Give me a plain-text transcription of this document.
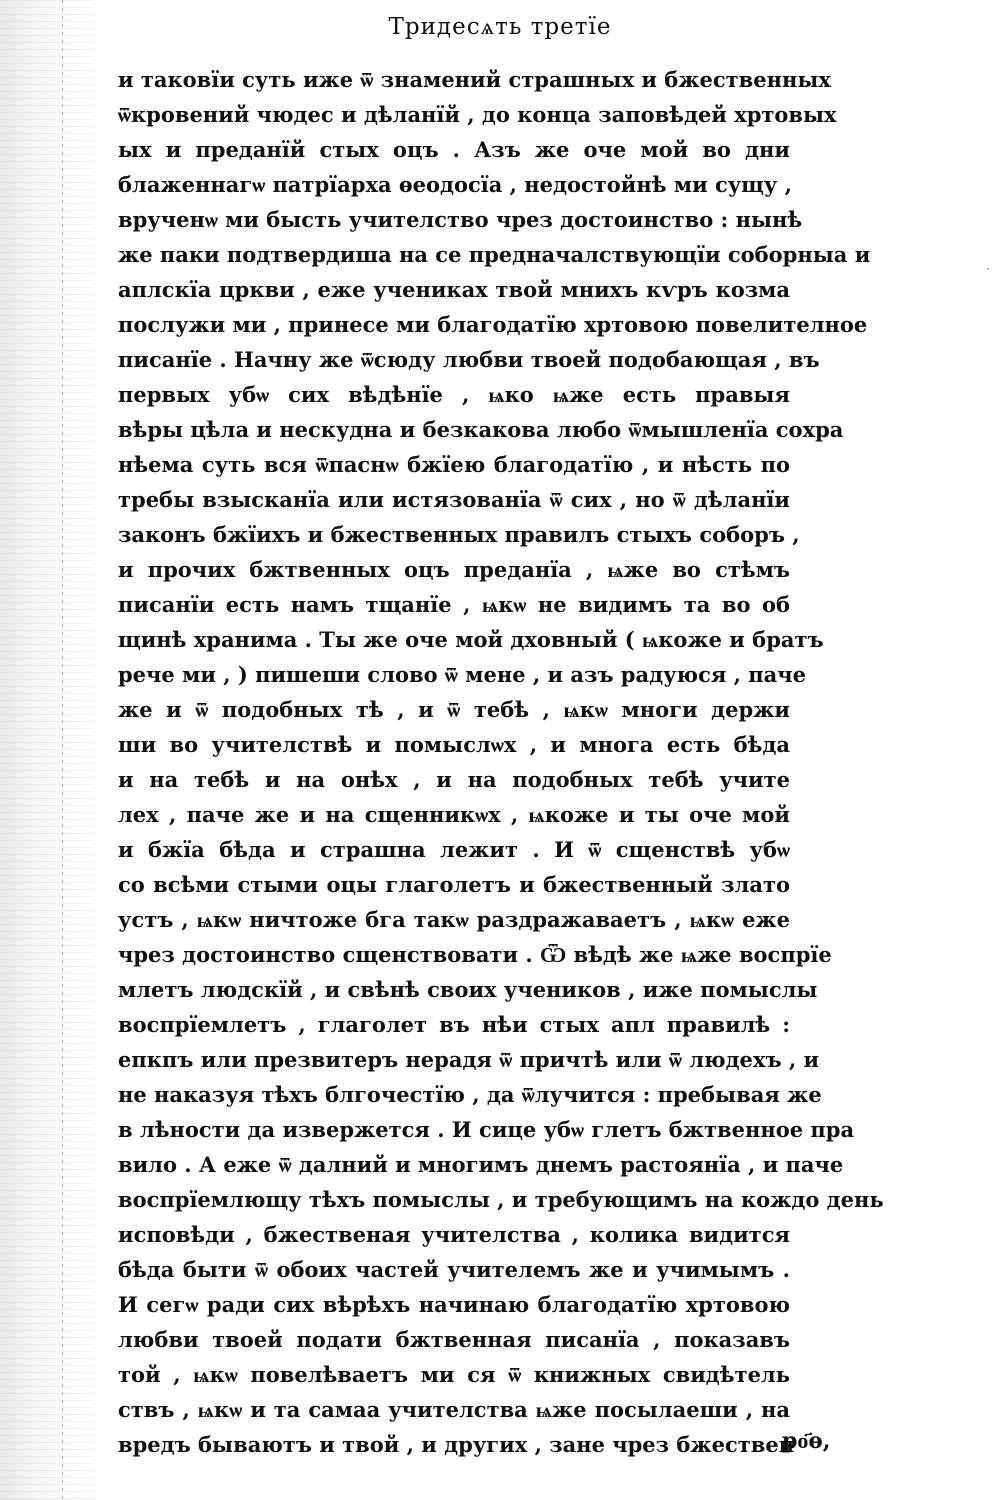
·
Тридесѧть третїе
и таковїи суть иже ѿ знамений страшных и бжественных
ѿкровений чюдес и дѣланїй , до конца заповѣдей хртовых
ых и преданїй стых оцъ . Азъ же оче мой во дни
блаженнагѡ патрїарха ѳеодосїа , недостойнѣ ми сущу ,
врученѡ ми бысть учителство чрез достоинство : нынѣ
же паки подтвердиша на се предначалствующїи соборныа и
аплскїа цркви , еже учениках твой мнихъ кѵръ козма
послужи ми , принесе ми благодатїю хртовою повелителное
писанїе . Начну же ѿсюду любви твоей подобающая , въ
первых убѡ сих вѣдѣнїе , ѩко ѩже есть правыя
вѣры цѣла и нескудна и безкакова любо ѿмышленїа сохра
нѣема суть вся ѿпаснѡ бжїею благодатїю , и нѣсть по
требы взысканїа или истязованїа ѿ сих , но ѿ дѣланїи
законъ бжїихъ и бжественных правилъ стыхъ соборъ ,
и прочих бжтвенных оцъ преданїа , ѩже во стѣмъ
писанїи есть намъ тщанїе , ѩкѡ не видимъ та во об
щинѣ хранима . Ты же оче мой дховный ( ѩкоже и братъ
рече ми , ) пишеши слово ѿ мене , и азъ радуюся , паче
же и ѿ подобных тѣ , и ѿ тебѣ , ѩкѡ многи держи
ши во учителствѣ и помыслѡх , и многа есть бѣда
и на тебѣ и на онѣх , и на подобных тебѣ учите
лех , паче же и на сщенникѡх , ѩкоже и ты оче мой
и бжїа бѣда и страшна лежит . И ѿ сщенствѣ убѡ
со всѣми стыми оцы глаголетъ и бжественный злато
устъ , ѩкѡ ничтоже бга такѡ раздражаваетъ , ѩкѡ еже
чрез достоинство сщенствовати . Ѿ вѣдѣ же ѩже воспрїе
млетъ людскїй , и свѣнѣ своих учеников , иже помыслы
воспрїемлетъ , глаголет въ нѣи стых апл правилѣ :
епкпъ или презвитеръ нерадя ѿ причтѣ или ѿ людехъ , и
не наказуя тѣхъ блгочестїю , да ѿлучится : пребывая же
в лѣности да извержется . И сице убѡ глетъ бжтвенное пра
вило . А еже ѿ далний и многимъ днемъ растоянїа , и паче
воспрїемлющу тѣхъ помыслы , и требующимъ на кождо день
исповѣди , бжественая учителства , колика видится
бѣда быти ѿ обоих частей учителемъ же и учимымъ .
И сегѡ ради сих вѣрѣхъ начинаю благодатїю хртовою
любви твоей подати бжтвенная писанїа , показавъ
той , ѩкѡ повелѣваетъ ми ся ѿ книжных свидѣтель
ствъ , ѩкѡ и та самаа учителства ѩже посылаеши , на
вредъ бываютъ и твой , и других , зане чрез бжествен
ро҃ѳ,
